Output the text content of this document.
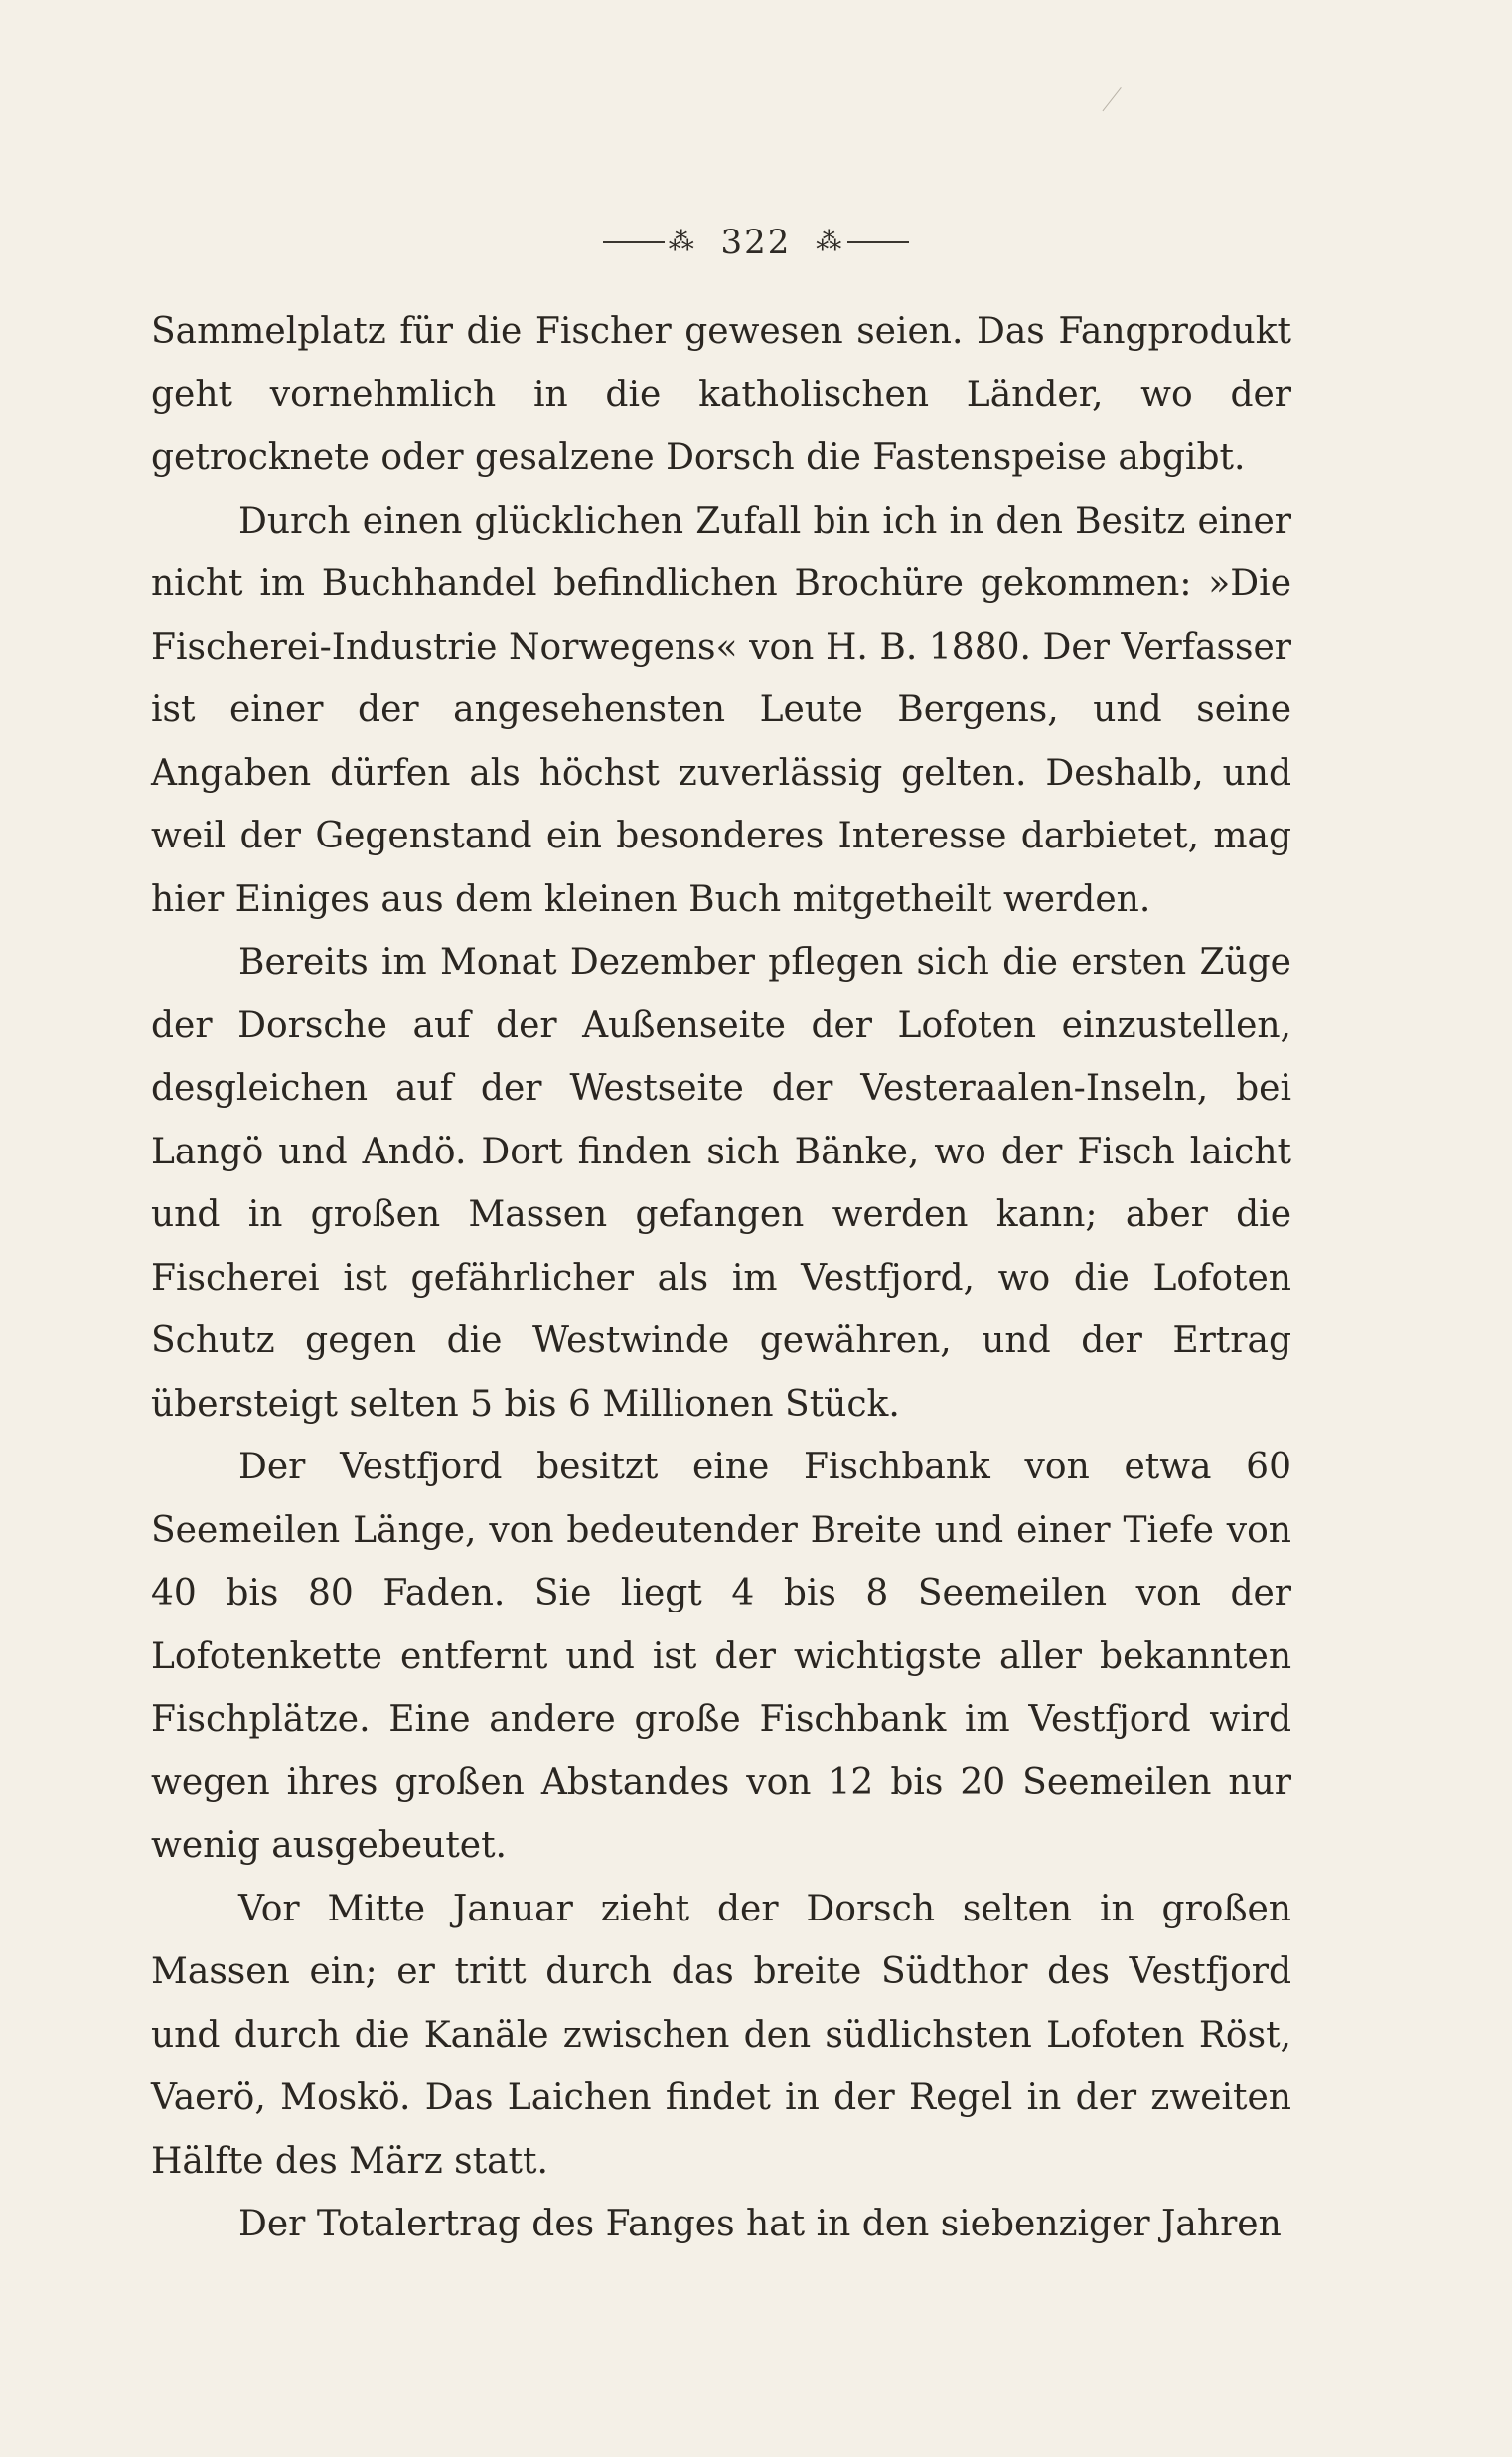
⁂ 322 ⁂

Sammelplatz für die Fischer gewesen seien. Das Fangprodukt geht vornehmlich in die katholischen Länder, wo der getrocknete oder gesalzene Dorsch die Fastenspeise abgibt.

Durch einen glücklichen Zufall bin ich in den Besitz einer nicht im Buchhandel befindlichen Brochüre gekommen: »Die Fischerei-Industrie Norwegens« von H. B. 1880. Der Verfasser ist einer der angesehensten Leute Bergens, und seine Angaben dürfen als höchst zuverlässig gelten. Deshalb, und weil der Gegenstand ein besonderes Interesse darbietet, mag hier Einiges aus dem kleinen Buch mitgetheilt werden.

Bereits im Monat Dezember pflegen sich die ersten Züge der Dorsche auf der Außenseite der Lofoten einzustellen, desgleichen auf der Westseite der Vesteraalen-Inseln, bei Langö und Andö. Dort finden sich Bänke, wo der Fisch laicht und in großen Massen gefangen werden kann; aber die Fischerei ist gefährlicher als im Vestfjord, wo die Lofoten Schutz gegen die Westwinde gewähren, und der Ertrag übersteigt selten 5 bis 6 Millionen Stück.

Der Vestfjord besitzt eine Fischbank von etwa 60 Seemeilen Länge, von bedeutender Breite und einer Tiefe von 40 bis 80 Faden. Sie liegt 4 bis 8 Seemeilen von der Lofotenkette entfernt und ist der wichtigste aller bekannten Fischplätze. Eine andere große Fischbank im Vestfjord wird wegen ihres großen Abstandes von 12 bis 20 Seemeilen nur wenig ausgebeutet.

Vor Mitte Januar zieht der Dorsch selten in großen Massen ein; er tritt durch das breite Südthor des Vestfjord und durch die Kanäle zwischen den südlichsten Lofoten Röst, Vaerö, Moskö. Das Laichen findet in der Regel in der zweiten Hälfte des März statt.

Der Totalertrag des Fanges hat in den siebenziger Jahren
